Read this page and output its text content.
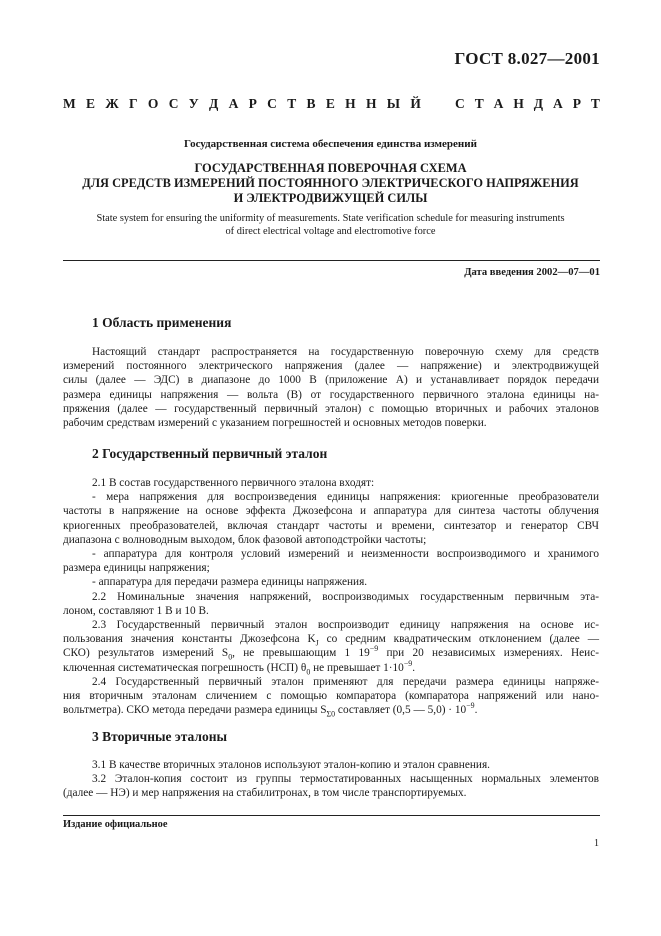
ГОСТ 8.027—2001
М Е Ж Г О С У Д А Р С Т В Е Н Н Ы Й	С Т А Н Д А Р Т
Государственная система обеспечения единства измерений
ГОСУДАРСТВЕННАЯ ПОВЕРОЧНАЯ СХЕМА
ДЛЯ СРЕДСТВ ИЗМЕРЕНИЙ ПОСТОЯННОГО ЭЛЕКТРИЧЕСКОГО НАПРЯЖЕНИЯ
И ЭЛЕКТРОДВИЖУЩЕЙ СИЛЫ
State system for ensuring the uniformity of measurements. State verification schedule for measuring instruments
of direct electrical voltage and electromotive force
Дата введения 2002—07—01
1 Область применения
Настоящий стандарт распространяется на государственную поверочную схему для средств
измерений постоянного электрического напряжения (далее — напряжение) и электродвижущей
силы (далее — ЭДС) в диапазоне до 1000 В (приложение А) и устанавливает порядок передачи
размера единицы напряжения — вольта (В) от государственного первичного эталона единицы на-
пряжения (далее — государственный первичный эталон) с помощью вторичных и рабочих эталонов
рабочим средствам измерений с указанием погрешностей и основных методов поверки.
2 Государственный первичный эталон
2.1 В состав государственного первичного эталона входят:
- мера напряжения для воспроизведения единицы напряжения: криогенные преобразователи
частоты в напряжение на основе эффекта Джозефсона и аппаратура для синтеза частоты облучения
криогенных преобразователей, включая стандарт частоты и времени, синтезатор и генератор СВЧ
диапазона с волноводным выходом, блок фазовой автоподстройки частоты;
- аппаратура для контроля условий измерений и неизменности воспроизводимого и хранимого
размера единицы напряжения;
- аппаратура для передачи размера единицы напряжения.
2.2 Номинальные значения напряжений, воспроизводимых государственным первичным эта-
лоном, составляют 1 В и 10 В.
2.3 Государственный первичный эталон воспроизводит единицу напряжения на основе ис-
пользования значения константы Джозефсона $K_J$ со средним квадратическим отклонением (далее —
СКО) результатов измерений $S_0$, не превышающим 1 $19^{-9}$ при 20 независимых измерениях. Неис-
ключенная систематическая погрешность (НСП) $\theta_0$ не превышает $1\cdot 10^{-9}$.
2.4 Государственный первичный эталон применяют для передачи размера единицы напряже-
ния вторичным эталонам сличением с помощью компаратора (компаратора напряжений или нано-
вольтметра). СКО метода передачи размера единицы $S_{\Sigma 0}$ составляет (0,5 — $5,0) \cdot 10^{-9}$.
3 Вторичные эталоны
3.1 В качестве вторичных эталонов используют эталон-копию и эталон сравнения.
3.2 Эталон-копия состоит из группы термостатированных насыщенных нормальных элементов
(далее — НЭ) и мер напряжения на стабилитронах, в том числе транспортируемых.
Издание официальное
1
